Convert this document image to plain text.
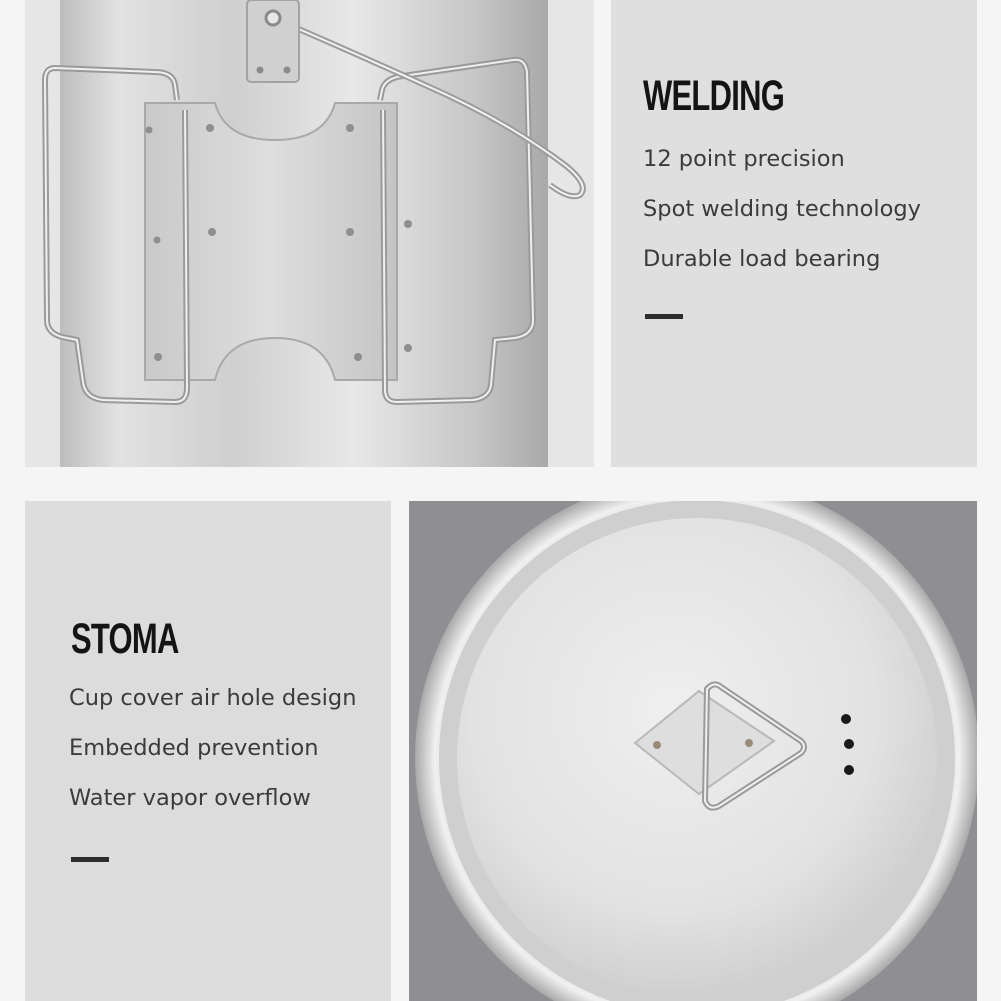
WELDING
12 point precision
Spot welding technology
Durable load bearing
STOMA
Cup cover air hole design
Embedded prevention
Water vapor overflow
